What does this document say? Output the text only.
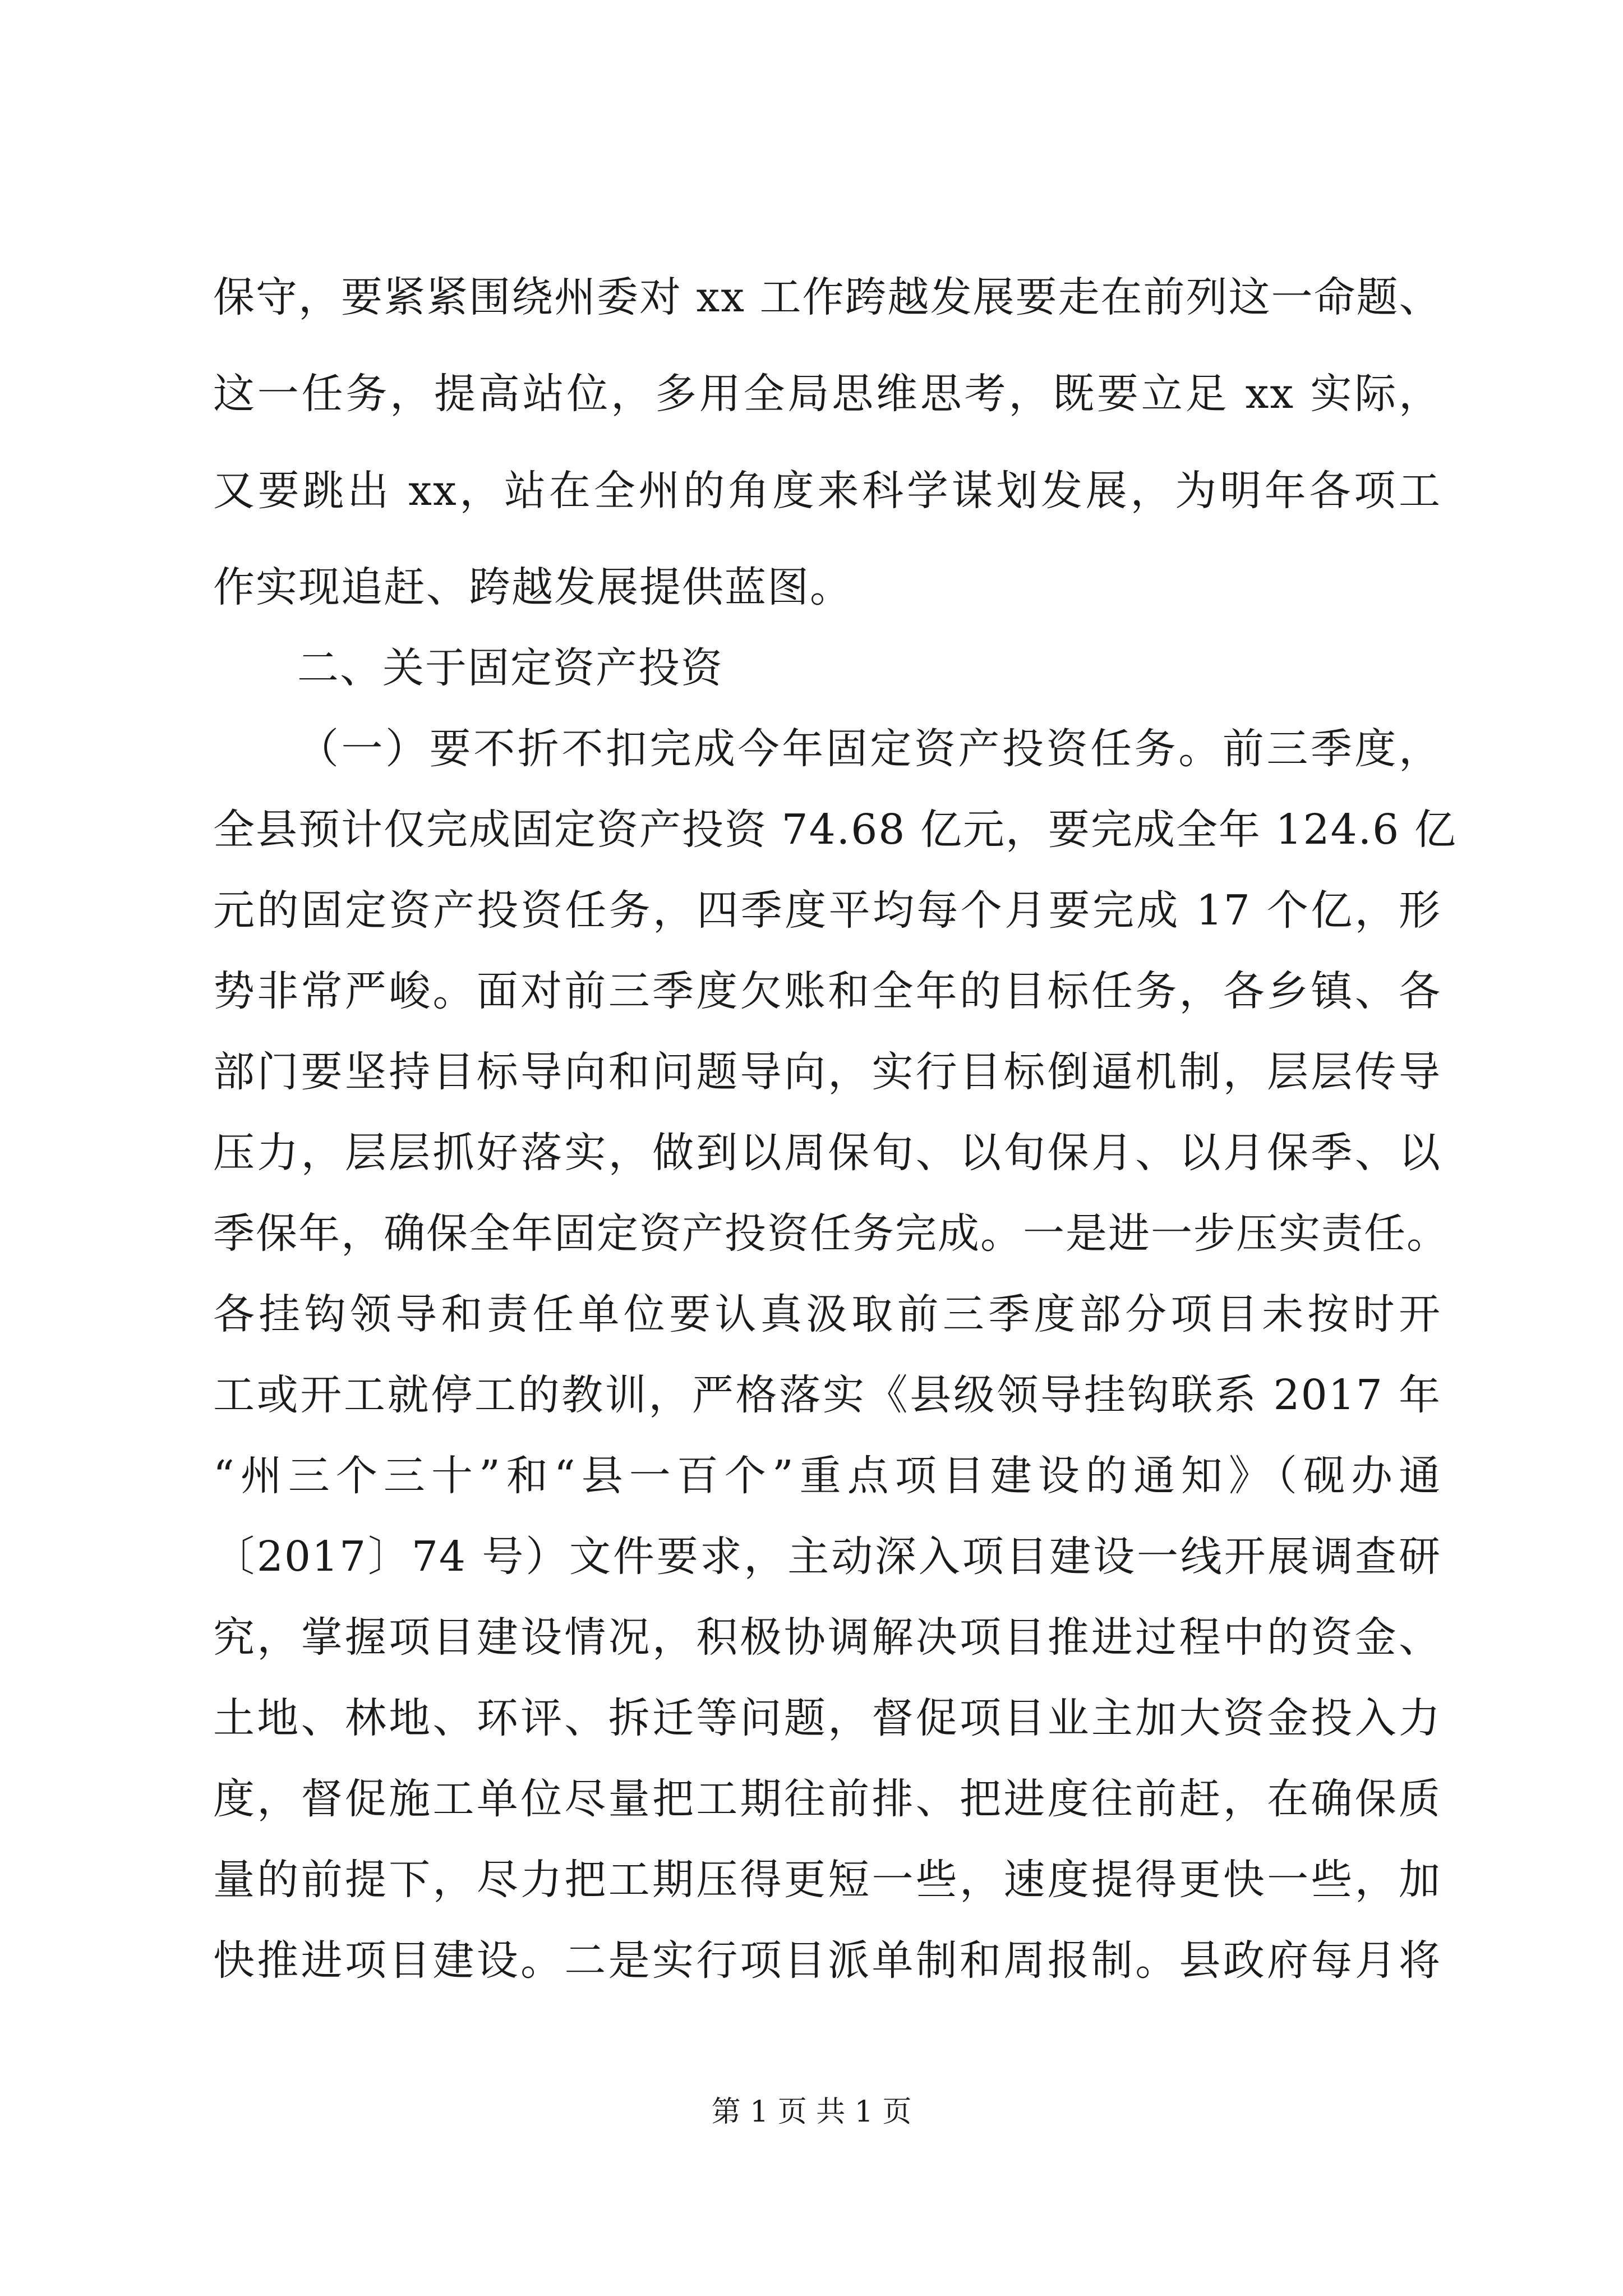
保守，要紧紧围绕州委对 xx 工作跨越发展要走在前列这一命题、

这一任务，提高站位，多用全局思维思考，既要立足 xx 实际，

又要跳出 xx，站在全州的角度来科学谋划发展，为明年各项工

作实现追赶、跨越发展提供蓝图。

二、关于固定资产投资

（一）要不折不扣完成今年固定资产投资任务。前三季度，

全县预计仅完成固定资产投资 74.68 亿元，要完成全年 124.6 亿

元的固定资产投资任务，四季度平均每个月要完成 17 个亿，形

势非常严峻。面对前三季度欠账和全年的目标任务，各乡镇、各

部门要坚持目标导向和问题导向，实行目标倒逼机制，层层传导

压力，层层抓好落实，做到以周保旬、以旬保月、以月保季、以

季保年，确保全年固定资产投资任务完成。一是进一步压实责任。

各挂钩领导和责任单位要认真汲取前三季度部分项目未按时开

工或开工就停工的教训，严格落实《县级领导挂钩联系 2017 年

“州三个三十”和“县一百个”重点项目建设的通知》（砚办通

〔2017〕74 号）文件要求，主动深入项目建设一线开展调查研

究，掌握项目建设情况，积极协调解决项目推进过程中的资金、

土地、林地、环评、拆迁等问题，督促项目业主加大资金投入力

度，督促施工单位尽量把工期往前排、把进度往前赶，在确保质

量的前提下，尽力把工期压得更短一些，速度提得更快一些，加

快推进项目建设。二是实行项目派单制和周报制。县政府每月将

第 1 页 共 1 页
